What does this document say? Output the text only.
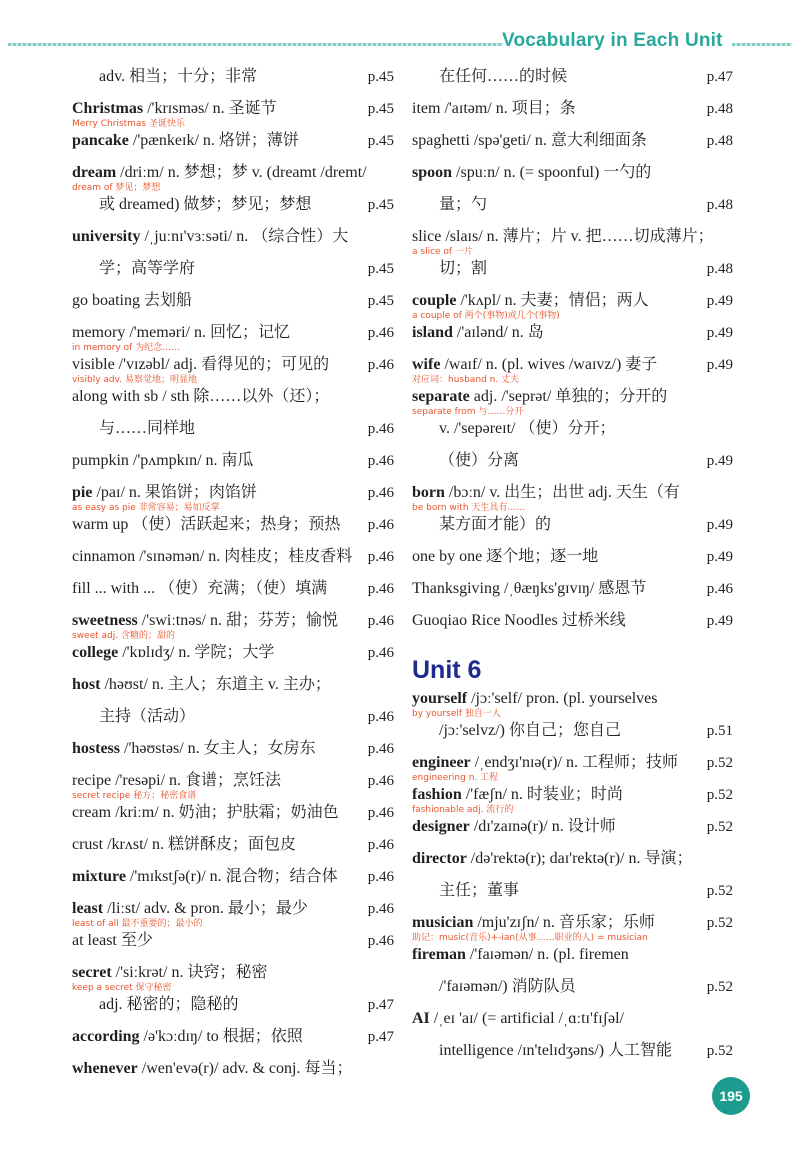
Vocabulary in Each Unit
adv. 相当；十分；非常	p.45
Christmas /'krɪsməs/ n. 圣诞节	p.45
Merry Christmas 圣诞快乐
pancake /'pænkeɪk/ n. 烙饼；薄饼	p.45
dream /driːm/ n. 梦想；梦 v. (dreamt /dremt/
dream of 梦见；梦想
或 dreamed) 做梦；梦见；梦想	p.45
university /ˌjuːnɪ'vɜːsəti/ n. （综合性）大
学；高等学府	p.45
go boating 去划船	p.45
memory /'meməri/ n. 回忆；记忆	p.46
in memory of 为纪念……
visible /'vɪzəbl/ adj. 看得见的；可见的	p.46
visibly adv. 易察觉地；明显地
along with sb / sth 除……以外（还）；
与……同样地	p.46
pumpkin /'pʌmpkɪn/ n. 南瓜	p.46
pie /paɪ/ n. 果馅饼；肉馅饼	p.46
as easy as pie 非常容易；易如反掌
warm up （使）活跃起来；热身；预热 p.46
cinnamon /'sɪnəmən/ n. 肉桂皮；桂皮香料 p.46
fill ... with ... （使）充满；（使）填满	p.46
sweetness /'swiːtnəs/ n. 甜；芬芳；愉悦 p.46
sweet adj. 含糖的；甜的
college /'kɒlɪdʒ/ n. 学院；大学	p.46
host /həʊst/ n. 主人；东道主 v. 主办；
主持（活动）	p.46
hostess /'həʊstəs/ n. 女主人；女房东	p.46
recipe /'resəpi/ n. 食谱；烹饪法	p.46
secret recipe 秘方；秘密食谱
cream /kriːm/ n. 奶油；护肤霜；奶油色 p.46
crust /krʌst/ n. 糕饼酥皮；面包皮	p.46
mixture /'mɪkstʃə(r)/ n. 混合物；结合体 p.46
least /liːst/ adv. & pron. 最小；最少	p.46
least of all 最不重要的；最小的
at least 至少	p.46
secret /'siːkrət/ n. 诀窍；秘密
keep a secret 保守秘密
adj. 秘密的；隐秘的	p.47
according /ə'kɔːdɪŋ/ to 根据；依照	p.47
whenever /wen'evə(r)/ adv. & conj. 每当；
在任何……的时候	p.47
item /'aɪtəm/ n. 项目；条	p.48
spaghetti /spə'geti/ n. 意大利细面条	p.48
spoon /spuːn/ n. (= spoonful) 一勺的
量；勺	p.48
slice /slaɪs/ n. 薄片；片 v. 把……切成薄片；
a slice of 一片
切；割	p.48
couple /'kʌpl/ n. 夫妻；情侣；两人	p.49
a couple of 两个(事物)或几个(事物)
island /'aɪlənd/ n. 岛	p.49
wife /waɪf/ n. (pl. wives /waɪvz/) 妻子	p.49
对应词：husband n. 丈夫
separate adj. /'seprət/ 单独的；分开的
separate from 与……分开
v. /'sepəreɪt/ （使）分开；
（使）分离	p.49
born /bɔːn/ v. 出生；出世 adj. 天生（有
be born with 天生具有……
某方面才能）的	p.49
one by one 逐个地；逐一地	p.49
Thanksgiving /ˌθæŋks'gɪvɪŋ/ 感恩节	p.46
Guoqiao Rice Noodles 过桥米线	p.49
Unit 6
yourself /jɔː'self/ pron. (pl. yourselves
by yourself 独自一人
/jɔː'selvz/) 你自己；您自己	p.51
engineer /ˌendʒɪ'nɪə(r)/ n. 工程师；技师 p.52
engineering n. 工程
fashion /'fæʃn/ n. 时装业；时尚	p.52
fashionable adj. 流行的
designer /dɪ'zaɪnə(r)/ n. 设计师	p.52
director /də'rektə(r); daɪ'rektə(r)/ n. 导演；
主任；董事	p.52
musician /mju'zɪʃn/ n. 音乐家；乐师	p.52
助记：music(音乐)+-ian(从事……职业的人) = musician
fireman /'faɪəmən/ n. (pl. firemen
/'faɪəmən/) 消防队员	p.52
AI /ˌeɪ 'aɪ/ (= artificial /ˌɑːtɪ'fɪʃəl/
intelligence /ɪn'telɪdʒəns/) 人工智能 p.52
195
